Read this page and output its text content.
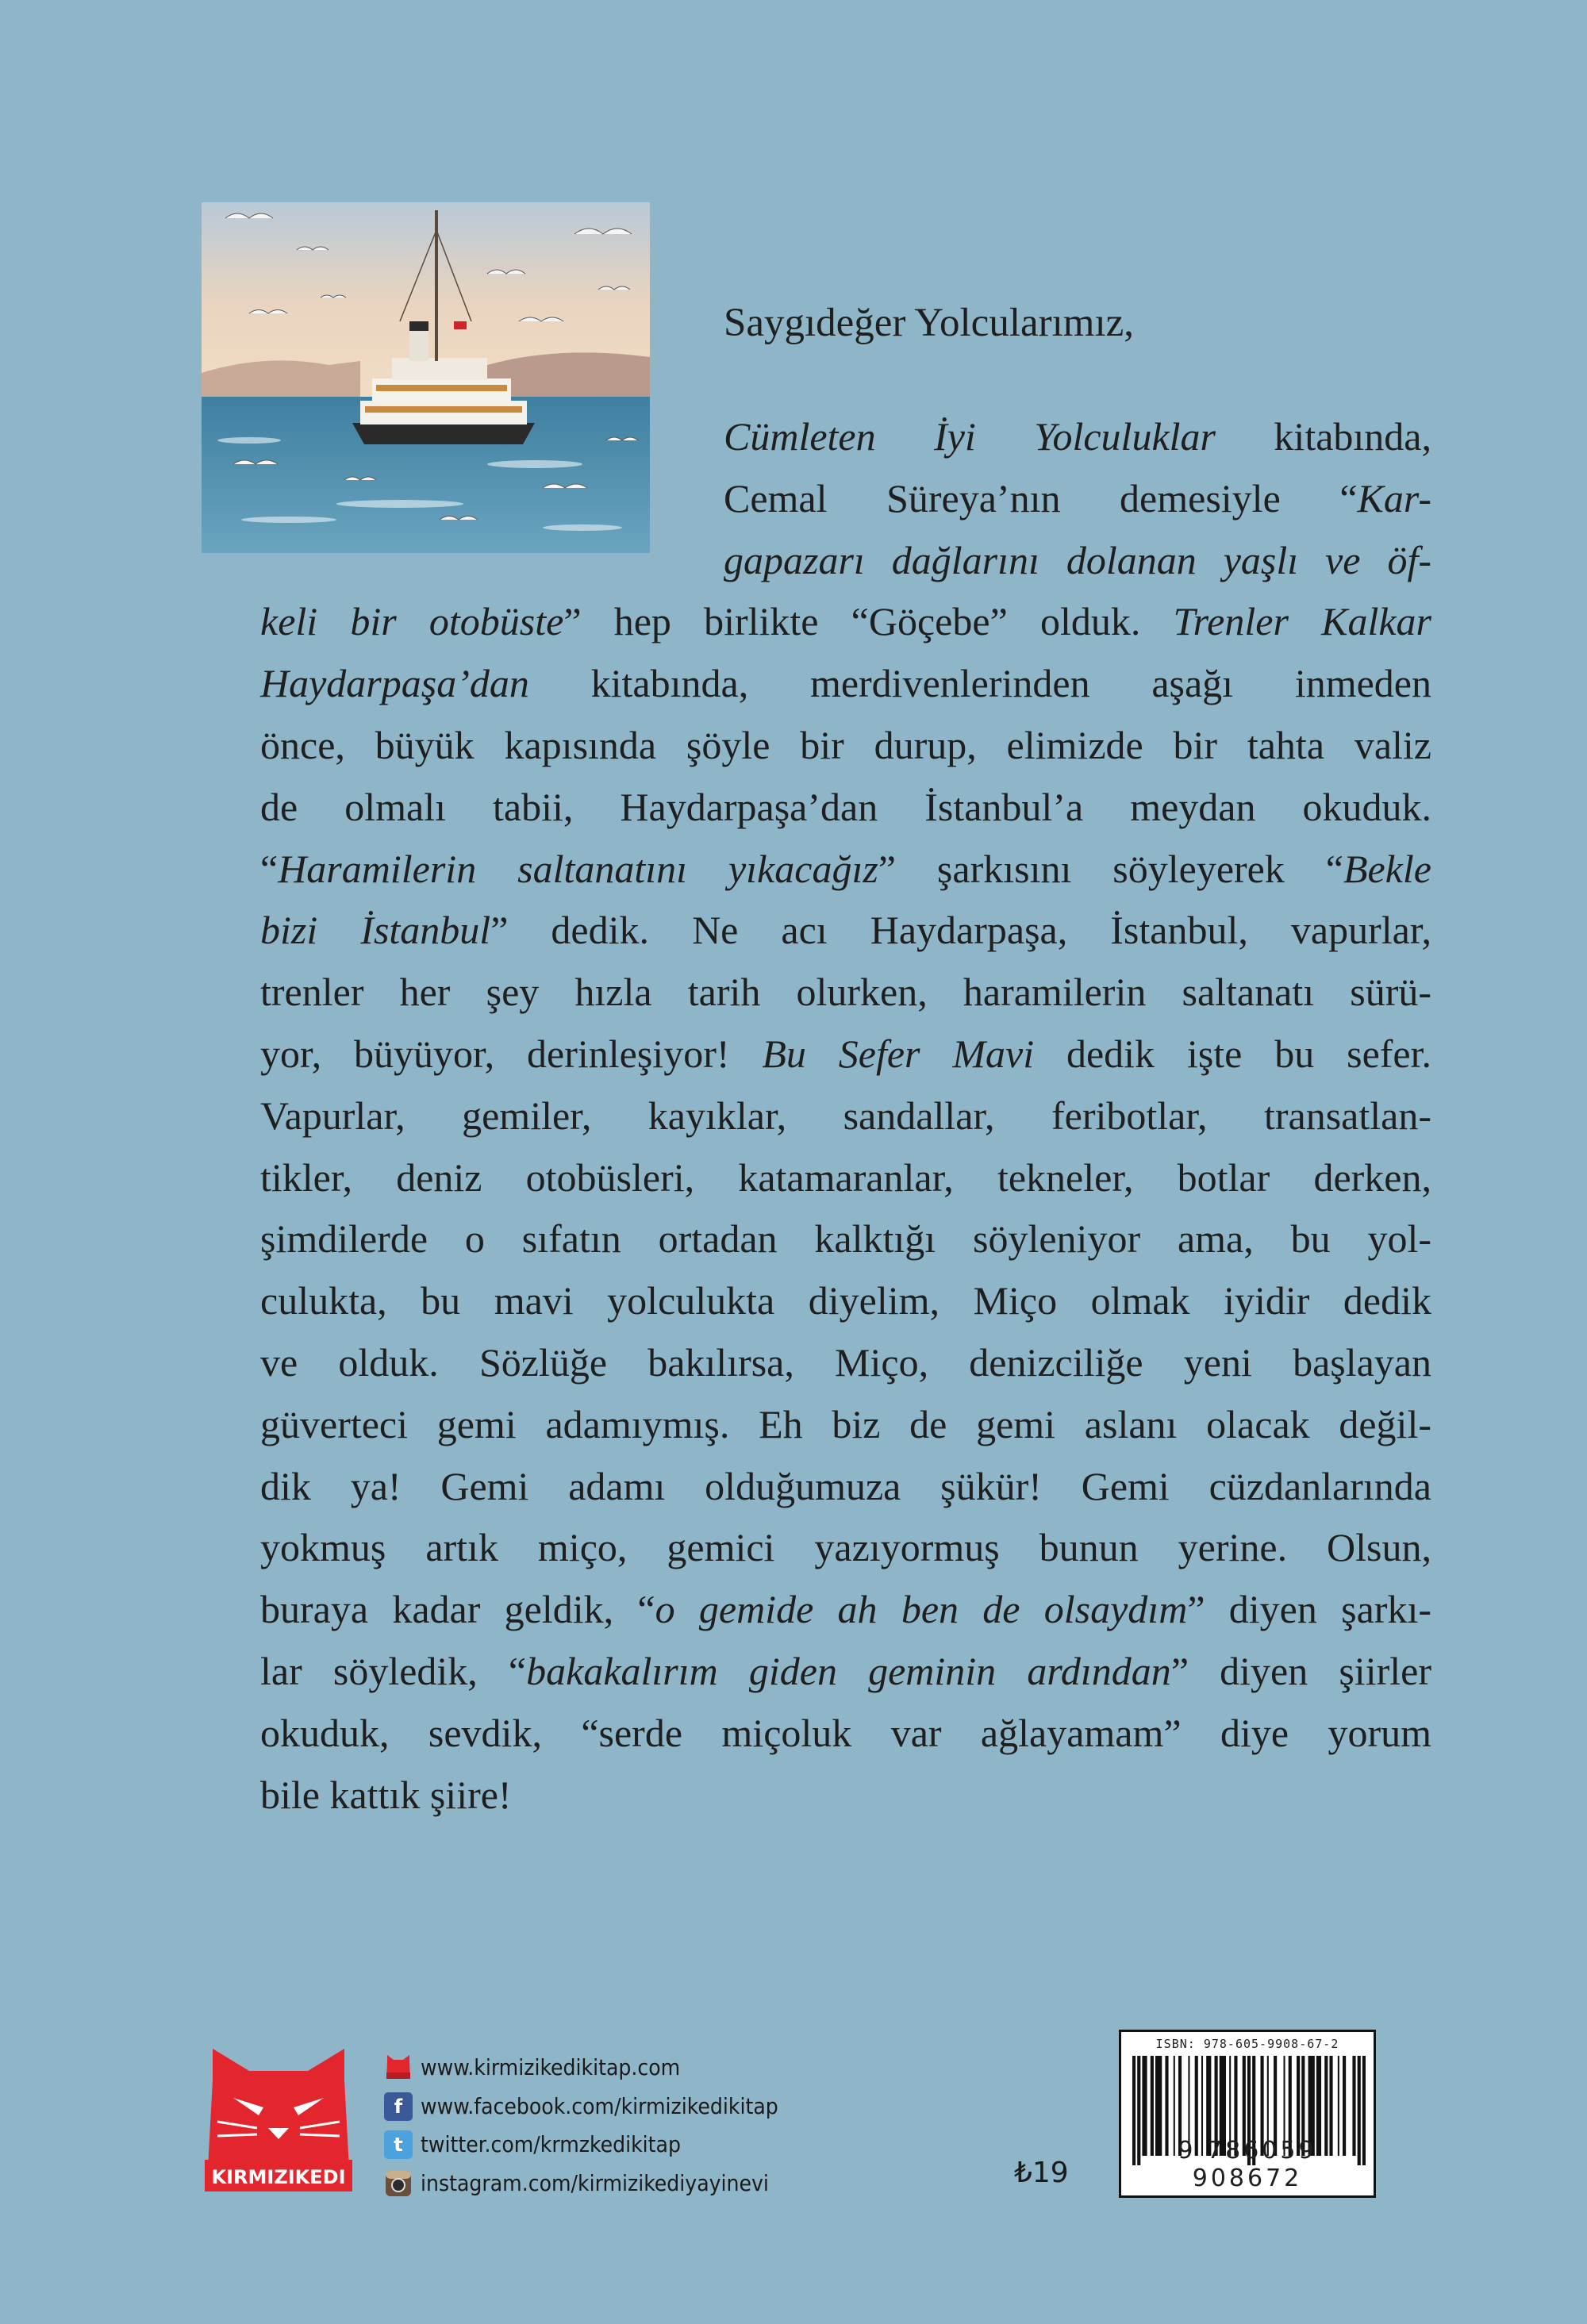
Saygıdeğer Yolcularımız,
Cümleten İyi Yolculuklar kitabında,
Cemal Süreya’nın demesiyle “Kar-
gapazarı dağlarını dolanan yaşlı ve öf-
keli bir otobüste” hep birlikte “Göçebe” olduk. Trenler Kalkar
Haydarpaşa’dan kitabında, merdivenlerinden aşağı inmeden
önce, büyük kapısında şöyle bir durup, elimizde bir tahta valiz
de olmalı tabii, Haydarpaşa’dan İstanbul’a meydan okuduk.
“Haramilerin saltanatını yıkacağız” şarkısını söyleyerek “Bekle
bizi İstanbul” dedik. Ne acı Haydarpaşa, İstanbul, vapurlar,
trenler her şey hızla tarih olurken, haramilerin saltanatı sürü-
yor, büyüyor, derinleşiyor! Bu Sefer Mavi dedik işte bu sefer.
Vapurlar, gemiler, kayıklar, sandallar, feribotlar, transatlan-
tikler, deniz otobüsleri, katamaranlar, tekneler, botlar derken,
şimdilerde o sıfatın ortadan kalktığı söyleniyor ama, bu yol-
culukta, bu mavi yolculukta diyelim, Miço olmak iyidir dedik
ve olduk. Sözlüğe bakılırsa, Miço, denizciliğe yeni başlayan
güverteci gemi adamıymış. Eh biz de gemi aslanı olacak değil-
dik ya! Gemi adamı olduğumuza şükür! Gemi cüzdanlarında
yokmuş artık miço, gemici yazıyormuş bunun yerine. Olsun,
buraya kadar geldik, “o gemide ah ben de olsaydım” diyen şarkı-
lar söyledik, “bakakalırım giden geminin ardından” diyen şiirler
okuduk, sevdik, “serde miçoluk var ağlayamam” diye yorum
bile kattık şiire!
KIRMIZIKEDI
www.kirmizikedikitap.com
f www.facebook.com/kirmizikedikitap
t twitter.com/krmzkedikitap
instagram.com/kirmizikediyayinevi	₺19
ISBN: 978-605-9908-67-2
9 786059 908672
